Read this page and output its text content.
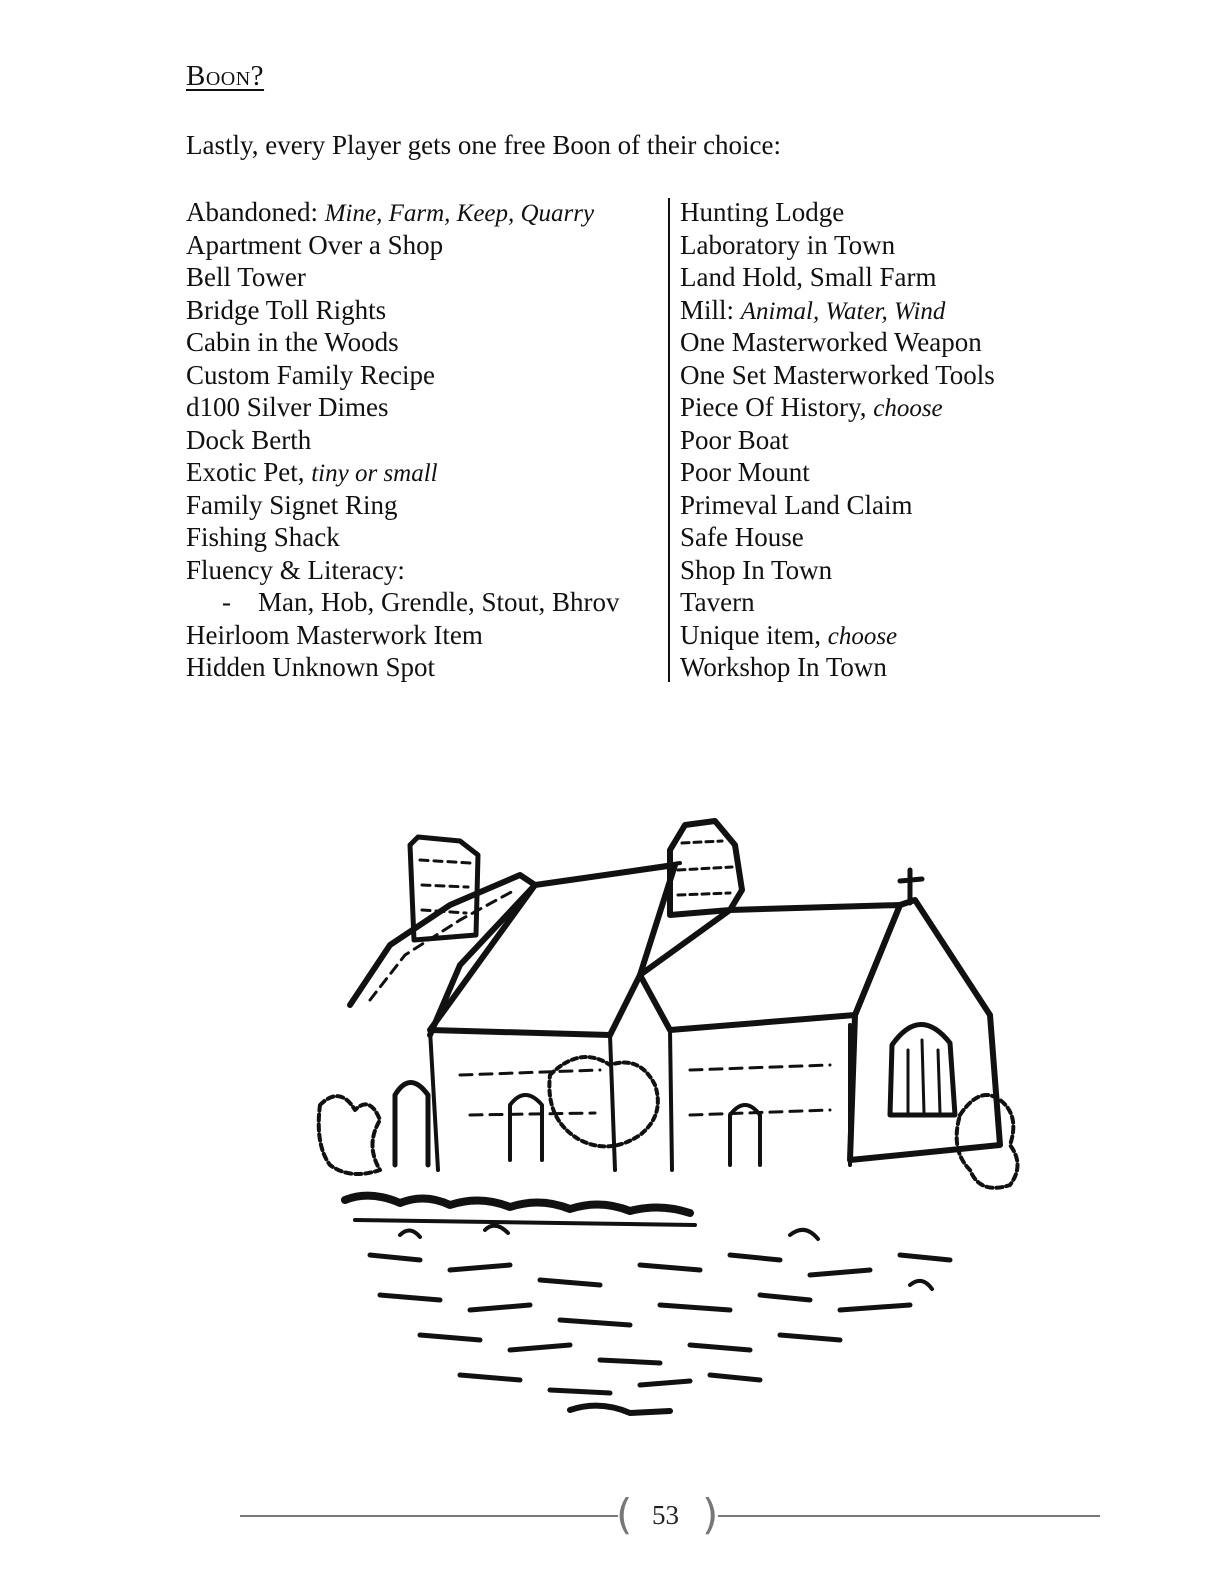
Boon?
Lastly, every Player gets one free Boon of their choice:
Abandoned: Mine, Farm, Keep, Quarry
Apartment Over a Shop
Bell Tower
Bridge Toll Rights
Cabin in the Woods
Custom Family Recipe
d100 Silver Dimes
Dock Berth
Exotic Pet, tiny or small
Family Signet Ring
Fishing Shack
Fluency & Literacy:
- Man, Hob, Grendle, Stout, Bhrov
Heirloom Masterwork Item
Hidden Unknown Spot
Hunting Lodge
Laboratory in Town
Land Hold, Small Farm
Mill: Animal, Water, Wind
One Masterworked Weapon
One Set Masterworked Tools
Piece Of History, choose
Poor Boat
Poor Mount
Primeval Land Claim
Safe House
Shop In Town
Tavern
Unique item, choose
Workshop In Town
( 53 )
